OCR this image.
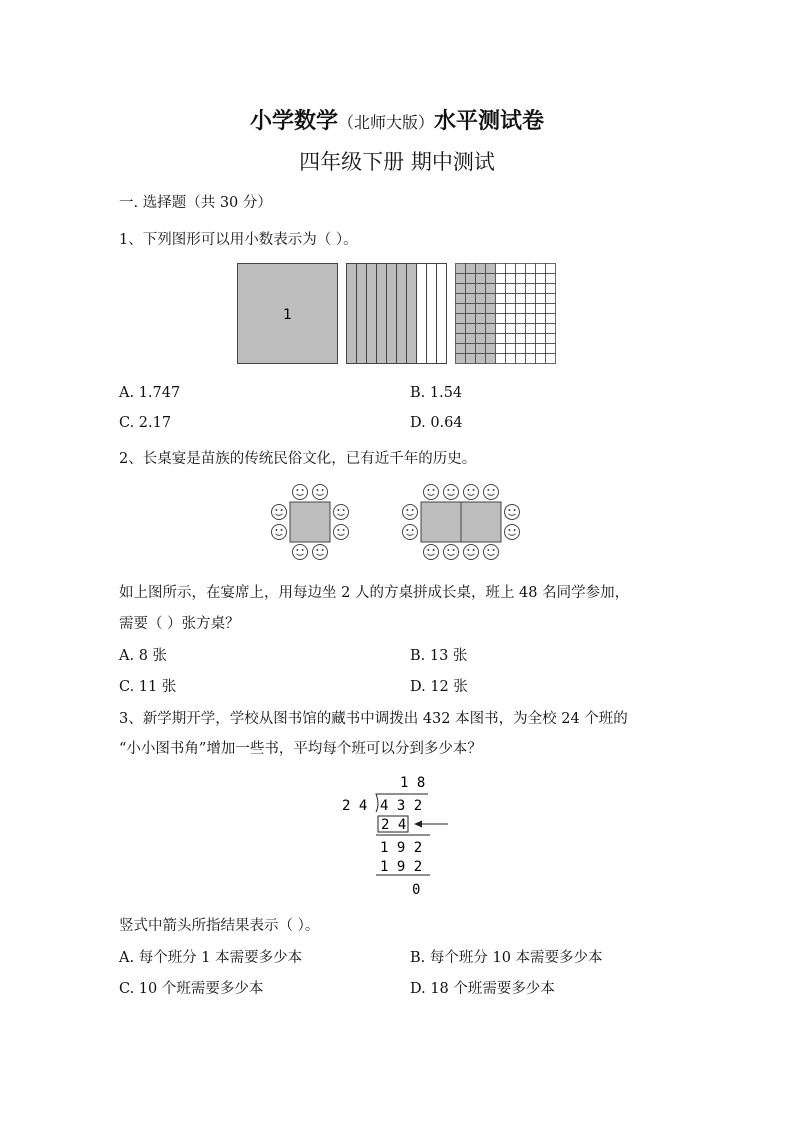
小学数学（北师大版）水平测试卷
四年级下册 期中测试
一. 选择题（共 30 分）
1、下列图形可以用小数表示为（ ）。
1
A. 1.747	B. 1.54
C. 2.17	D. 0.64
2、长桌宴是苗族的传统民俗文化，已有近千年的历史。
如上图所示，在宴席上，用每边坐 2 人的方桌拼成长桌，班上 48 名同学参加，
需要（ ）张方桌？
A. 8 张	B. 13 张
C. 11 张	D. 12 张
3、新学期开学，学校从图书馆的藏书中调拨出 432 本图书，为全校 24 个班的
“小小图书角”增加一些书，平均每个班可以分到多少本？
1 8
2 4 4 3 2
2 4
1 9 2
1 9 2
0
竖式中箭头所指结果表示（ ）。
A. 每个班分 1 本需要多少本	B. 每个班分 10 本需要多少本
C. 10 个班需要多少本	D. 18 个班需要多少本
